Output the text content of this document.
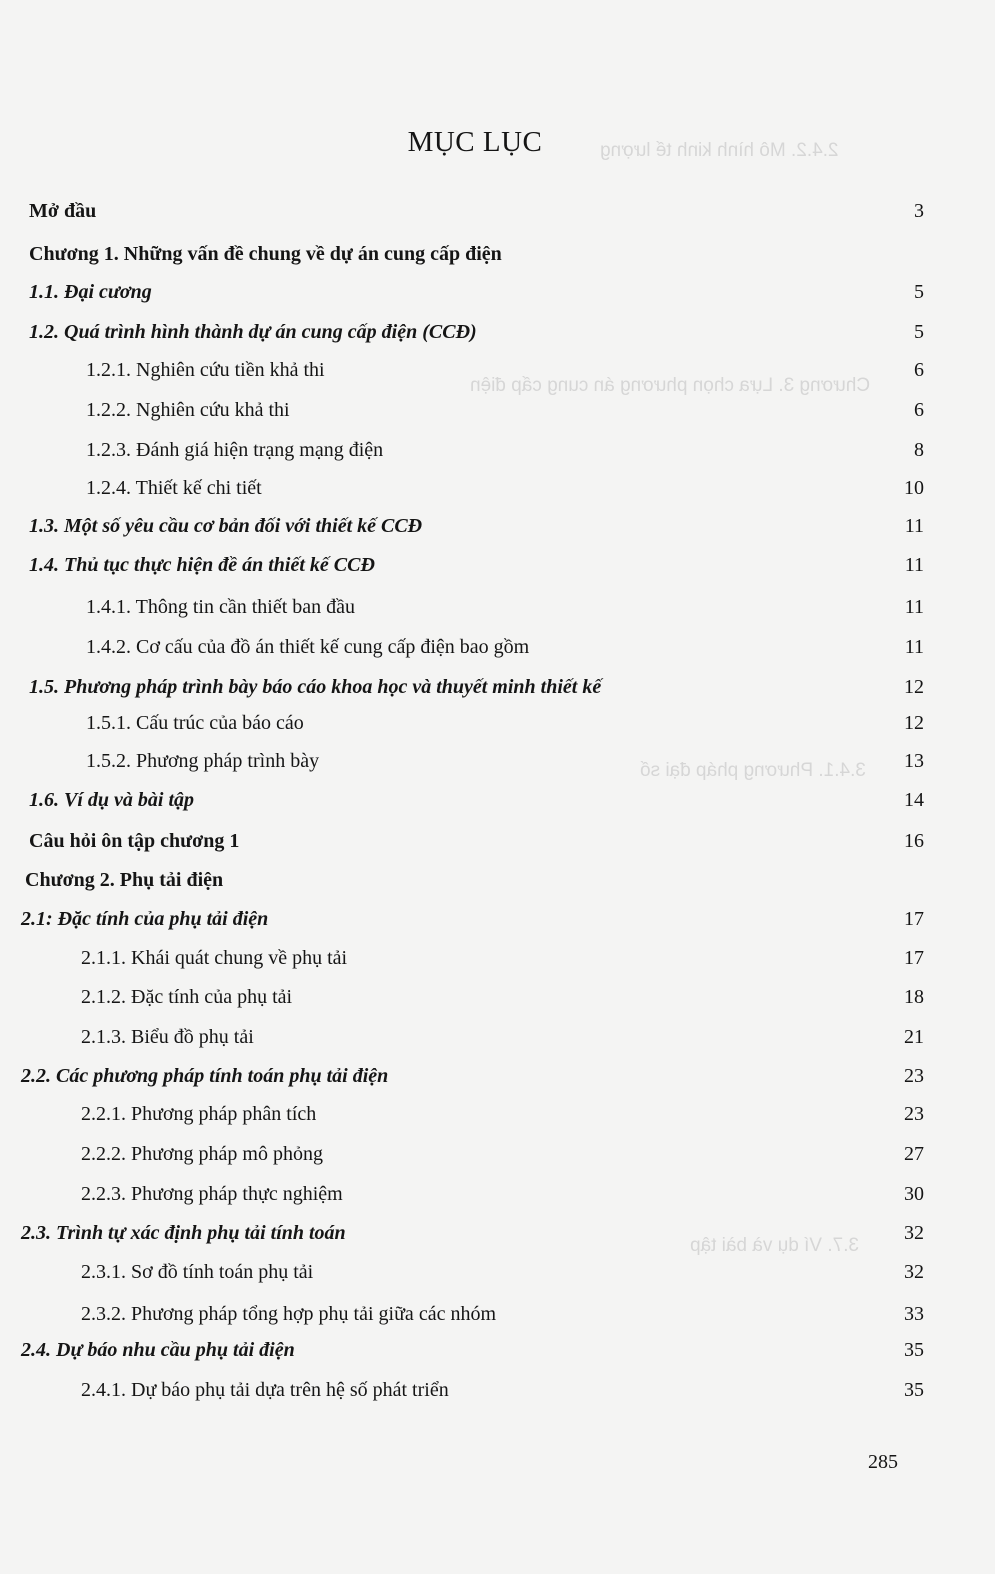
2.4.2. Mô hình kinh tế lượng
Chương 3. Lựa chọn phương án cung cấp điện
3.4.1. Phương pháp đại số
3.7. Ví dụ và bài tập
MỤC LỤC
Mở đầu	3
Chương 1. Những vấn đề chung về dự án cung cấp điện
1.1. Đại cương	5
1.2. Quá trình hình thành dự án cung cấp điện (CCĐ)	5
1.2.1. Nghiên cứu tiền khả thi	6
1.2.2. Nghiên cứu khả thi	6
1.2.3. Đánh giá hiện trạng mạng điện	8
1.2.4. Thiết kế chi tiết	10
1.3. Một số yêu cầu cơ bản đối với thiết kế CCĐ	11
1.4. Thủ tục thực hiện đề án thiết kế CCĐ	11
1.4.1. Thông tin cần thiết ban đầu	11
1.4.2. Cơ cấu của đồ án thiết kế cung cấp điện bao gồm	11
1.5. Phương pháp trình bày báo cáo khoa học và thuyết minh thiết kế	12
1.5.1. Cấu trúc của báo cáo	12
1.5.2. Phương pháp trình bày	13
1.6. Ví dụ và bài tập	14
Câu hỏi ôn tập chương 1	16
Chương 2. Phụ tải điện
2.1: Đặc tính của phụ tải điện	17
2.1.1. Khái quát chung về phụ tải	17
2.1.2. Đặc tính của phụ tải	18
2.1.3. Biểu đồ phụ tải	21
2.2. Các phương pháp tính toán phụ tải điện	23
2.2.1. Phương pháp phân tích	23
2.2.2. Phương pháp mô phỏng	27
2.2.3. Phương pháp thực nghiệm	30
2.3. Trình tự xác định phụ tải tính toán	32
2.3.1. Sơ đồ tính toán phụ tải	32
2.3.2. Phương pháp tổng hợp phụ tải giữa các nhóm	33
2.4. Dự báo nhu cầu phụ tải điện	35
2.4.1. Dự báo phụ tải dựa trên hệ số phát triển	35
285
